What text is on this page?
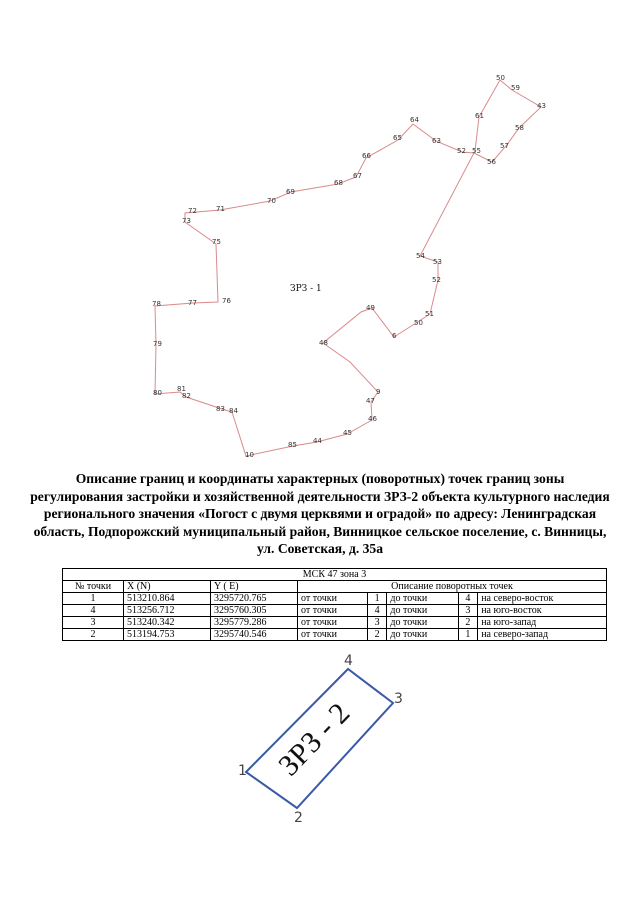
50
59
43
58
57
56
55
52
61
63
64
65
66
67
68
69
70
71
72
73
75
76
77
78
79
80 81
82
83 84
10
85 44
45
46
47
9
48
6
49
51
50
52
53
54
ЗРЗ - 1
Описание границ и координаты характерных (поворотных) точек границ зоны регулирования застройки и хозяйственной деятельности ЗРЗ-2 объекта культурного наследия регионального значения «Погост с двумя церквями и оградой» по адресу: Ленинградская область, Подпорожский муниципальный район, Винницкое сельское поселение, с. Винницы, ул. Советская, д. 35а
МСК 47 зона 3							
№ точки	X (N)	Y ( E)	Описание поворотных точек				
1	513210.864	3295720.765	от точки	1	до точки	4	на северо-восток
4	513256.712	3295760.305	от точки	4	до точки	3	на юго-восток
3	513240.342	3295779.286	от точки	3	до точки	2	на юго-запад
2	513194.753	3295740.546	от точки	2	до точки	1	на северо-запад
1
2
3
4
ЗРЗ - 2
